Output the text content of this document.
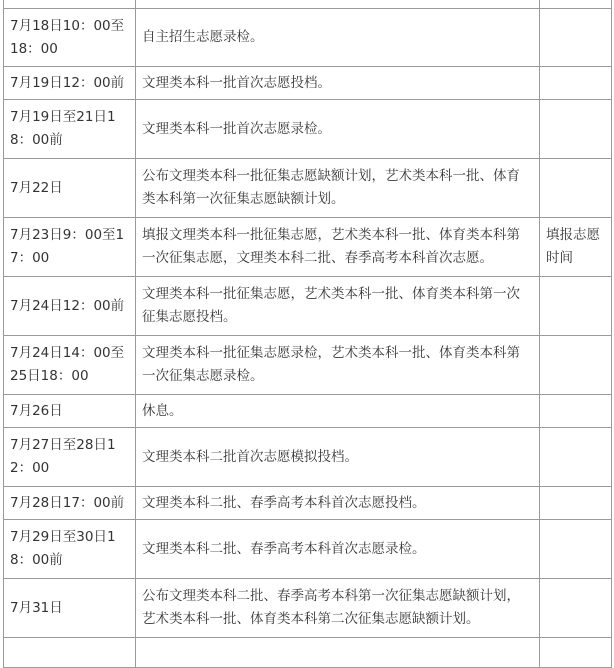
7月18日10：00至18：00	自主招生志愿录检。	
7月19日12：00前	文理类本科一批首次志愿投档。	
7月19日至21日18：00前	文理类本科一批首次志愿录检。	
7月22日	公布文理类本科一批征集志愿缺额计划，艺术类本科一批、体育类本科第一次征集志愿缺额计划。	
7月23日9：00至17：00	填报文理类本科一批征集志愿，艺术类本科一批、体育类本科第一次征集志愿，文理类本科二批、春季高考本科首次志愿。	填报志愿时间
7月24日12：00前	文理类本科一批征集志愿，艺术类本科一批、体育类本科第一次征集志愿投档。	
7月24日14：00至25日18：00	文理类本科一批征集志愿录检，艺术类本科一批、体育类本科第一次征集志愿录检。	
7月26日	休息。	
7月27日至28日12：00	文理类本科二批首次志愿模拟投档。	
7月28日17：00前	文理类本科二批、春季高考本科首次志愿投档。	
7月29日至30日18：00前	文理类本科二批、春季高考本科首次志愿录检。	
7月31日	公布文理类本科二批、春季高考本科第一次征集志愿缺额计划，艺术类本科一批、体育类本科第二次征集志愿缺额计划。	
